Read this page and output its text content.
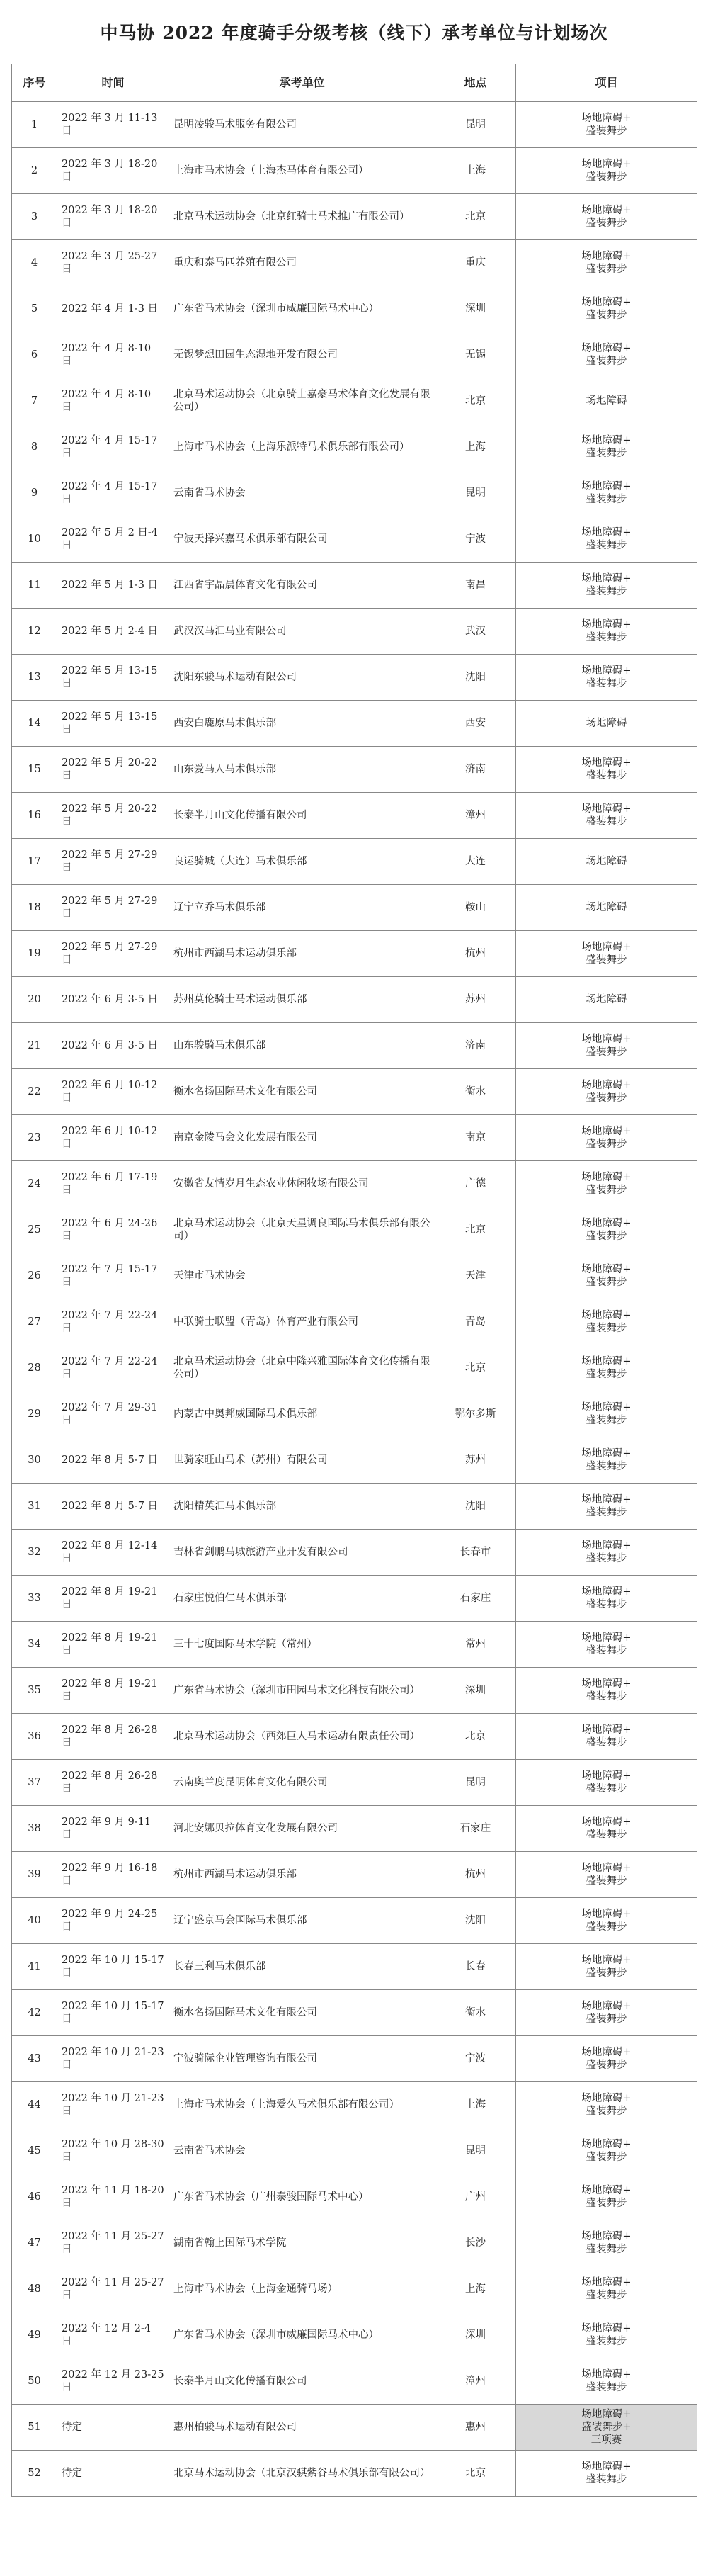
中马协 2022 年度骑手分级考核（线下）承考单位与计划场次
序号	时间	承考单位	地点	项目
1	2022 年 3 月 11-13 日	昆明凌骏马术服务有限公司	昆明	场地障碍+
盛装舞步

2	2022 年 3 月 18-20 日	上海市马术协会（上海杰马体育有限公司）	上海	场地障碍+
盛装舞步

3	2022 年 3 月 18-20 日	北京马术运动协会（北京红骑士马术推广有限公司）	北京	场地障碍+
盛装舞步

4	2022 年 3 月 25-27 日	重庆和泰马匹养殖有限公司	重庆	场地障碍+
盛装舞步

5	2022 年 4 月 1-3 日	广东省马术协会（深圳市威廉国际马术中心）	深圳	场地障碍+
盛装舞步

6	2022 年 4 月 8-10 日	无锡梦想田园生态湿地开发有限公司	无锡	场地障碍+
盛装舞步

7	2022 年 4 月 8-10 日	北京马术运动协会（北京骑士嘉豪马术体育文化发展有限公司）	北京	场地障碍

8	2022 年 4 月 15-17 日	上海市马术协会（上海乐派特马术俱乐部有限公司）	上海	场地障碍+
盛装舞步

9	2022 年 4 月 15-17 日	云南省马术协会	昆明	场地障碍+
盛装舞步

10	2022 年 5 月 2 日-4 日	宁波天择兴嘉马术俱乐部有限公司	宁波	场地障碍+
盛装舞步

11	2022 年 5 月 1-3 日	江西省宇晶晨体育文化有限公司	南昌	场地障碍+
盛装舞步

12	2022 年 5 月 2-4 日	武汉汉马汇马业有限公司	武汉	场地障碍+
盛装舞步

13	2022 年 5 月 13-15 日	沈阳东骏马术运动有限公司	沈阳	场地障碍+
盛装舞步

14	2022 年 5 月 13-15 日	西安白鹿原马术俱乐部	西安	场地障碍

15	2022 年 5 月 20-22 日	山东爱马人马术俱乐部	济南	场地障碍+
盛装舞步

16	2022 年 5 月 20-22 日	长泰半月山文化传播有限公司	漳州	场地障碍+
盛装舞步

17	2022 年 5 月 27-29 日	良运骑城（大连）马术俱乐部	大连	场地障碍

18	2022 年 5 月 27-29 日	辽宁立乔马术俱乐部	鞍山	场地障碍

19	2022 年 5 月 27-29 日	杭州市西湖马术运动俱乐部	杭州	场地障碍+
盛装舞步

20	2022 年 6 月 3-5 日	苏州莫伦骑士马术运动俱乐部	苏州	场地障碍

21	2022 年 6 月 3-5 日	山东骏騎马术俱乐部	济南	场地障碍+
盛装舞步

22	2022 年 6 月 10-12 日	衡水名扬国际马术文化有限公司	衡水	场地障碍+
盛装舞步

23	2022 年 6 月 10-12 日	南京金陵马会文化发展有限公司	南京	场地障碍+
盛装舞步

24	2022 年 6 月 17-19 日	安徽省友情岁月生态农业休闲牧场有限公司	广德	场地障碍+
盛装舞步

25	2022 年 6 月 24-26 日	北京马术运动协会（北京天星调良国际马术俱乐部有限公司）	北京	场地障碍+
盛装舞步

26	2022 年 7 月 15-17 日	天津市马术协会	天津	场地障碍+
盛装舞步

27	2022 年 7 月 22-24 日	中联骑士联盟（青岛）体育产业有限公司	青岛	场地障碍+
盛装舞步

28	2022 年 7 月 22-24 日	北京马术运动协会（北京中隆兴雅国际体育文化传播有限公司）	北京	场地障碍+
盛装舞步

29	2022 年 7 月 29-31 日	内蒙古中奥邦威国际马术俱乐部	鄂尔多斯	场地障碍+
盛装舞步

30	2022 年 8 月 5-7 日	世骑家旺山马术（苏州）有限公司	苏州	场地障碍+
盛装舞步

31	2022 年 8 月 5-7 日	沈阳精英汇马术俱乐部	沈阳	场地障碍+
盛装舞步

32	2022 年 8 月 12-14 日	吉林省剑鹏马城旅游产业开发有限公司	长春市	场地障碍+
盛装舞步

33	2022 年 8 月 19-21 日	石家庄悦伯仁马术俱乐部	石家庄	场地障碍+
盛装舞步

34	2022 年 8 月 19-21 日	三十七度国际马术学院（常州）	常州	场地障碍+
盛装舞步

35	2022 年 8 月 19-21 日	广东省马术协会（深圳市田园马术文化科技有限公司）	深圳	场地障碍+
盛装舞步

36	2022 年 8 月 26-28 日	北京马术运动协会（西郊巨人马术运动有限责任公司）	北京	场地障碍+
盛装舞步

37	2022 年 8 月 26-28 日	云南奥兰度昆明体育文化有限公司	昆明	场地障碍+
盛装舞步

38	2022 年 9 月 9-11 日	河北安娜贝拉体育文化发展有限公司	石家庄	场地障碍+
盛装舞步

39	2022 年 9 月 16-18 日	杭州市西湖马术运动俱乐部	杭州	场地障碍+
盛装舞步

40	2022 年 9 月 24-25 日	辽宁盛京马会国际马术俱乐部	沈阳	场地障碍+
盛装舞步

41	2022 年 10 月 15-17 日	长春三利马术俱乐部	长春	场地障碍+
盛装舞步

42	2022 年 10 月 15-17 日	衡水名扬国际马术文化有限公司	衡水	场地障碍+
盛装舞步

43	2022 年 10 月 21-23 日	宁波骑际企业管理咨询有限公司	宁波	场地障碍+
盛装舞步

44	2022 年 10 月 21-23 日	上海市马术协会（上海爱久马术俱乐部有限公司）	上海	场地障碍+
盛装舞步

45	2022 年 10 月 28-30 日	云南省马术协会	昆明	场地障碍+
盛装舞步

46	2022 年 11 月 18-20 日	广东省马术协会（广州泰骏国际马术中心）	广州	场地障碍+
盛装舞步

47	2022 年 11 月 25-27 日	湖南省翰上国际马术学院	长沙	场地障碍+
盛装舞步

48	2022 年 11 月 25-27 日	上海市马术协会（上海金通骑马场）	上海	场地障碍+
盛装舞步

49	2022 年 12 月 2-4 日	广东省马术协会（深圳市威廉国际马术中心）	深圳	场地障碍+
盛装舞步

50	2022 年 12 月 23-25 日	长泰半月山文化传播有限公司	漳州	场地障碍+
盛装舞步

51	待定	惠州柏骏马术运动有限公司	惠州	场地障碍+
盛装舞步+
三项赛

52	待定	北京马术运动协会（北京汉骐紫谷马术俱乐部有限公司）	北京	场地障碍+
盛装舞步
